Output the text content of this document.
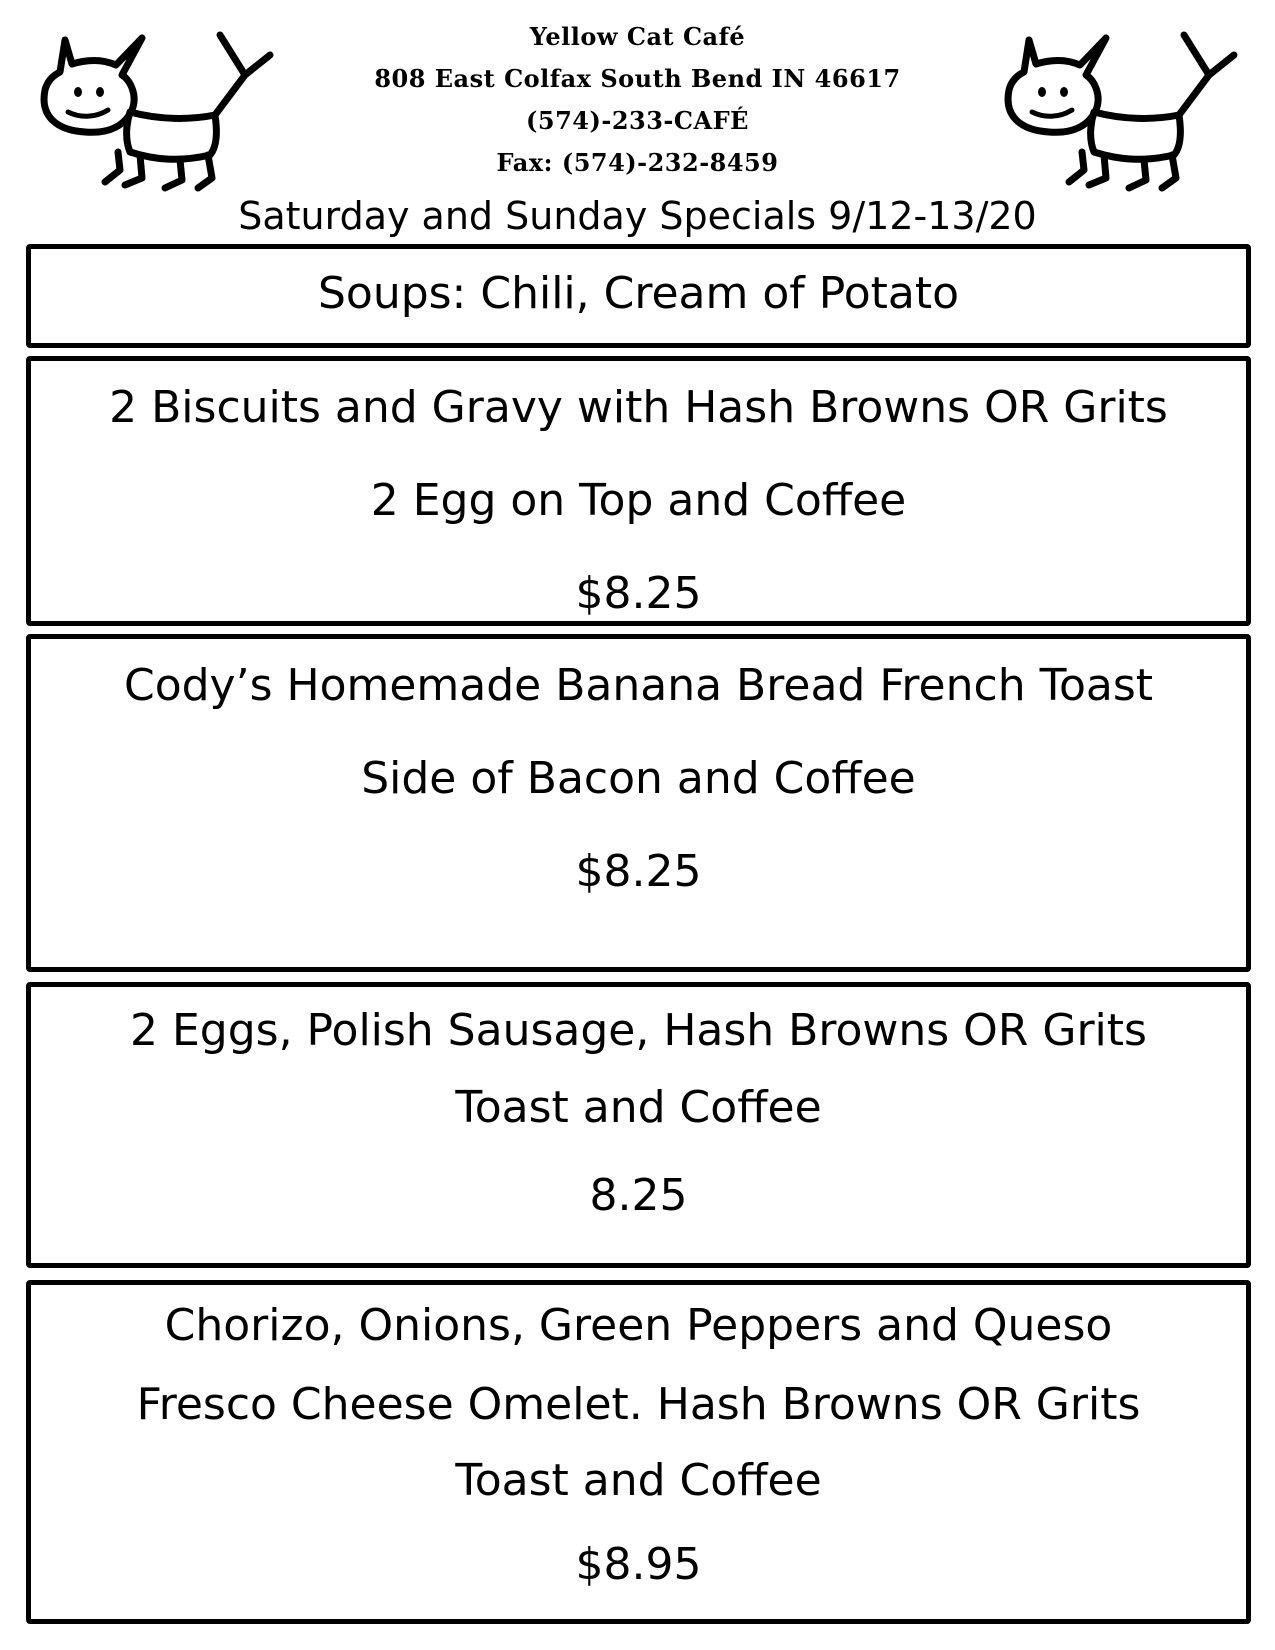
Yellow Cat Café
808 East Colfax South Bend IN 46617
(574)-233-CAFÉ
Fax: (574)-232-8459
Saturday and Sunday Specials 9/12-13/20
Soups: Chili, Cream of Potato
2 Biscuits and Gravy with Hash Browns OR Grits
2 Egg on Top and Coffee
$8.25
Cody’s Homemade Banana Bread French Toast
Side of Bacon and Coffee
$8.25
2 Eggs, Polish Sausage, Hash Browns OR Grits
Toast and Coffee
8.25
Chorizo, Onions, Green Peppers and Queso
Fresco Cheese Omelet. Hash Browns OR Grits
Toast and Coffee
$8.95
